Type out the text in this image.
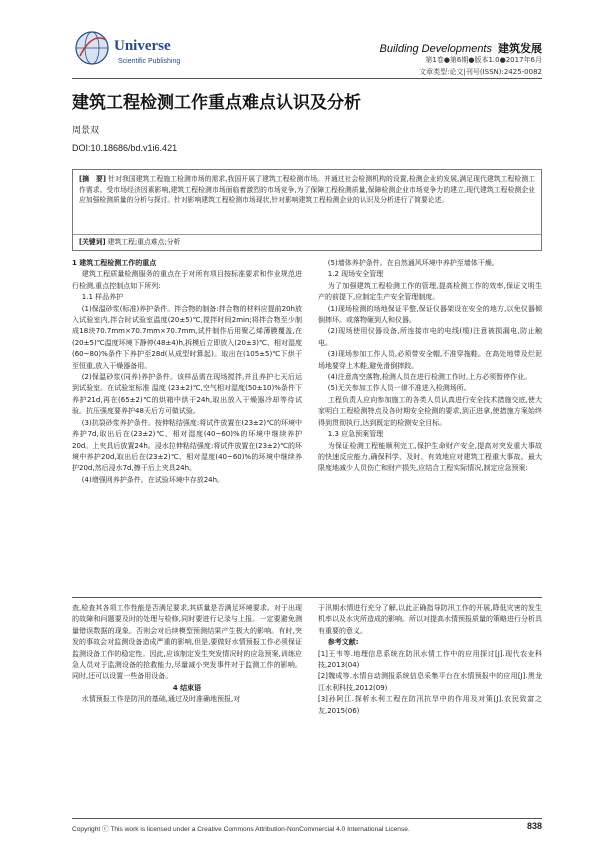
Universe
Scientific Publishing
Building Developments 建筑发展
第1卷●第6期●版本1.0●2017年6月
文章类型:论文|刊号(ISSN):2425-0082
建筑工程检测工作重点难点认识及分析
周景双
DOI:10.18686/bd.v1i6.421
[摘　要] 针对我国建筑工程施工检测市场的需求,我国开展了建筑工程检测市场。并通过社会检测机构的设置,检测企业的发展,满足现代建筑工程检测工作需求。受市场经济因素影响,建筑工程检测市场面临着激烈的市场竞争,为了保障工程检测质量,保障检测企业市场竞争力的建立,现代建筑工程检测企业应加强检测质量的分析与探讨。针对影响建筑工程检测市场现状,针对影响建筑工程检测企业的认识及分析进行了简要论述。
[关键词] 建筑工程;重点难点;分析

1 建筑工程检测工作的重点

建筑工程质量检测服务的重点在于对所有项目按标准要求和作业规范进行检测,重点控制点如下所列:

1.1 样品养护

(1)保温砂浆(标准)养护条件。拌合物的制备:拌合物的材料应提前20h放入试验室内,拌合时试验室温度(20±5)℃,搅拌时间2min;将拌合物至少制成18块70.7mm×70.7mm×70.7mm,试件制作后用聚乙烯薄膜覆盖,在(20±5)℃温度环境下静停(48±4)h,拆模后立即放入(20±3)℃、相对湿度(60~80)%条件下养护至28d(从成型时算起)。取出在(105±5)℃下烘干至恒重,放入干燥器备用。

(2)保温砂浆(同养)养护条件。该样品需在现场搅拌,并且养护七天后运到试验室。在试验室标准 温度 (23±2)℃,空气相对湿度(50±10)%条件下养护21d,再在(65±2)℃的烘箱中烘干24h,取出放入干燥器冷却等待试验。抗压强度要养护48天后方可做试验。

(3)抗裂砂浆养护条件。按伸粘结强度:将试件放置在(23±2)℃的环境中养护7d,取出后在(23±2)℃、相对湿度(40~60)%的环境中继续养护20d。上夹具后放置24h。浸水拉伸粘结强度:将试件放置在(23±2)℃的环境中养护20d,取出后在(23±2)℃、相对湿度(40~60)%的环境中继续养护20d,然后浸水7d,擦干后上夹具24h。

(4)增强网养护条件。在试验环境中存放24h。

(5)墙体养护条件。在自然通风环境中养护至墙体干燥。

1.2 现场安全管理

为了加强建筑工程检测工作的管理,提高检测工作的效率,保证文明生产的前提下,应制定生产安全管理制度。

(1)现场检测的场地保证平整,保证仪器架设在安全的地方,以免仪器倾倒摔坏。或落物砸到人和仪器。

(2)现场使用仪器设备,所连接市电的电线(缆)注意被损漏电,防止触电。

(3)现场参加工作人员,必须带安全帽,不准穿拖鞋。在高处地带及烂泥场地要穿上木鞋,避免滑倒摔跤。

(4)注意高空落物,检测人员在进行检测工作时,上方必须暂停作业。

(5)无关参加工作人员一律不准进入检测场所。

工程负责人应向参加施工的各类人员认真进行安全技术措施交底,使大家明白工程检测特点及各时期安全检测的要求,到正进拿,使措施方案始终得到贯彻执行,达到既定的检测安全目标。

1.3 应急预案管理

为保证检测工程能顺利完工,保护生命财产安全,提高对突发重大事故的快速反应能力,确保科学、及时、有效地应对建筑工程重大事故。最大限度地减少人员伤亡和财产损失,应结合工程实际情况,制定应急预案:

查,检查其各项工作性能是否满足要求,其质量是否满足环境要求。对于出现的故障和问题要及时的处理与检修,同时要进行记录与上报。一定要避免测量错误数据的现象。否则会对后续模型预测结果产生极大的影响。有时,突发的事故会对监测设备造成严重的影响,但是,要做好水情预报工作必须保证监测设备工作的稳定性。因此,应该制定发生突发情况时的应急预案,训练应急人员对于监测设备的抢救能力,尽量减小突发事件对于监测工作的影响。同时,还可以设置一些备用设备。

4 结束语

水情预报工作是防汛的基础,通过及时准确地预报,对

于汛期水情进行充分了解,以此正确指导防汛工作的开展,降低灾害的发生机率以及水灾所造成的影响。所以对提高水情预报质量的策略进行分析具有重要的意义。

参考文献:

[1]王韦等.地理信息系统在防汛水情工作中的应用探讨[J].现代农业科技,2013(04)

[2]魏成等.水情自动测报系统信息采集平台在水情预报中的应用[J].黑龙江水利科技,2012(09)

[3]孙阿江.探析水利工程在防汛抗旱中的作用及对策[J].农民致富之友,2015(06)

Copyright ⓒ This work is licensed under a Creative Commons Attribution-NonCommercial 4.0 International License.	838
